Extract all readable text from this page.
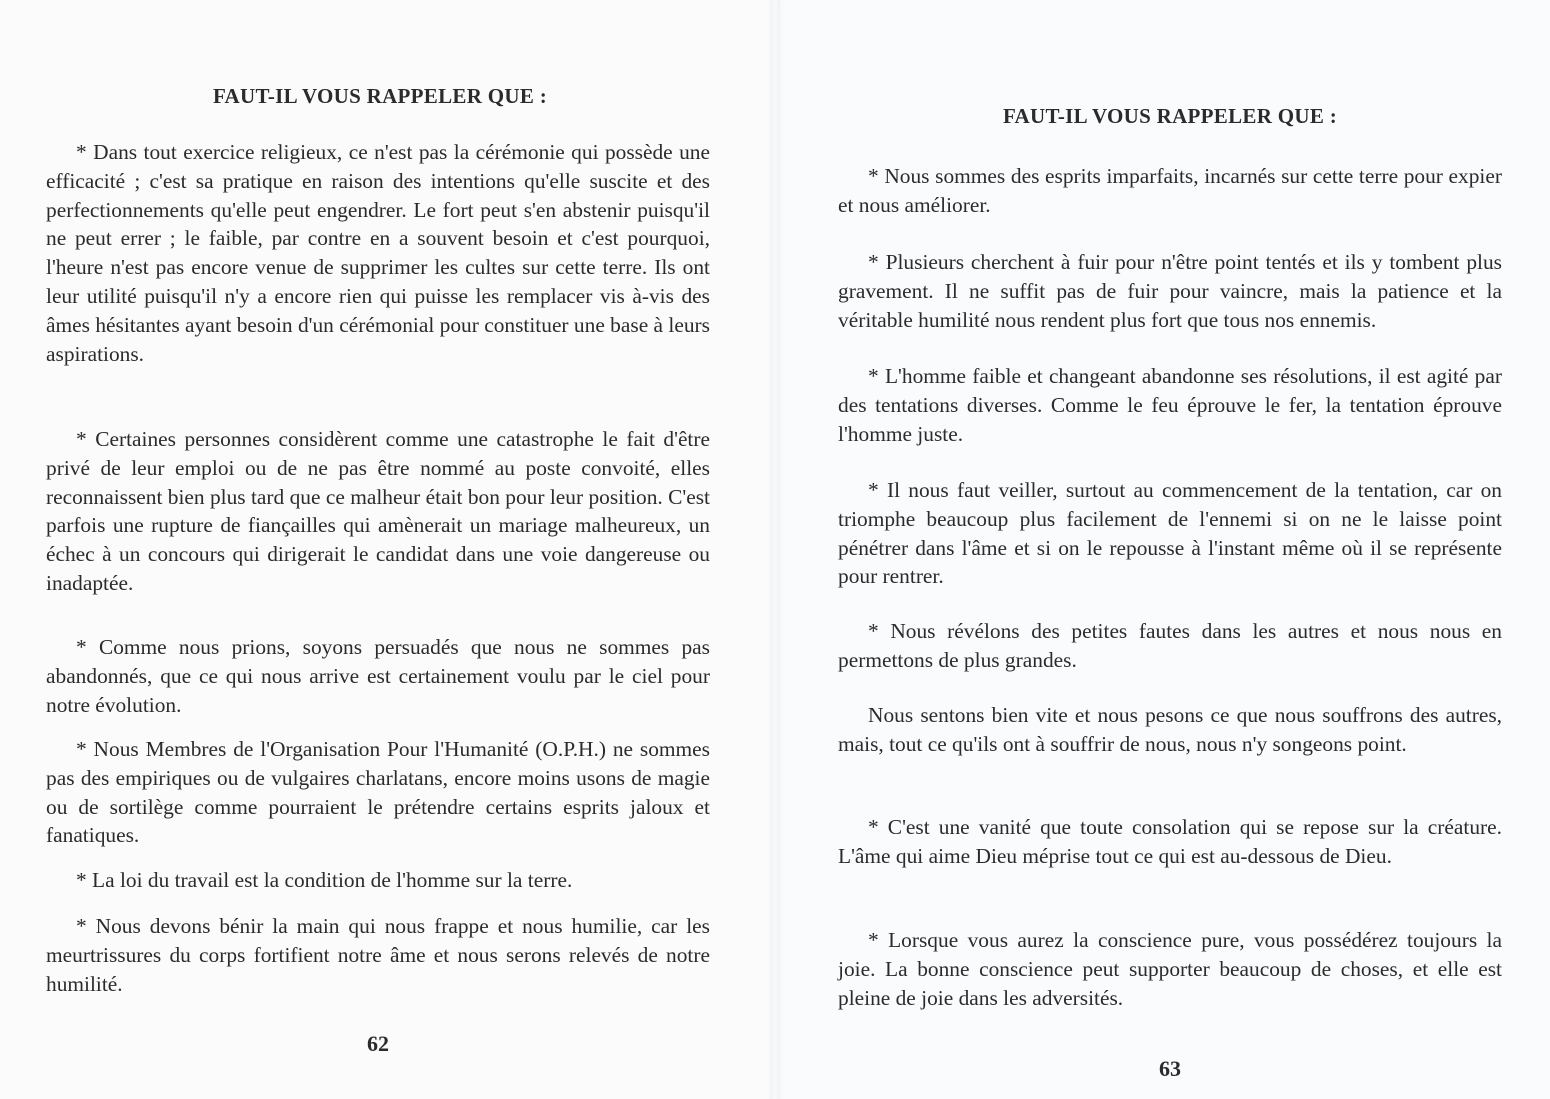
FAUT-IL VOUS RAPPELER QUE :

* Dans tout exercice religieux, ce n'est pas la cérémonie qui possède une efficacité ; c'est sa pratique en raison des intentions qu'elle suscite et des perfectionnements qu'elle peut engendrer. Le fort peut s'en abstenir puisqu'il ne peut errer ; le faible, par contre en a souvent besoin et c'est pourquoi, l'heure n'est pas encore venue de supprimer les cultes sur cette terre. Ils ont leur utilité puisqu'il n'y a encore rien qui puisse les remplacer vis à-vis des âmes hésitantes ayant besoin d'un cérémonial pour constituer une base à leurs aspirations.

* Certaines personnes considèrent comme une catastrophe le fait d'être privé de leur emploi ou de ne pas être nommé au poste convoité, elles reconnaissent bien plus tard que ce malheur était bon pour leur position. C'est parfois une rupture de fiançailles qui amènerait un mariage malheureux, un échec à un concours qui dirigerait le candidat dans une voie dangereuse ou inadaptée.

* Comme nous prions, soyons persuadés que nous ne sommes pas abandonnés, que ce qui nous arrive est certainement voulu par le ciel pour notre évolution.

* Nous Membres de l'Organisation Pour l'Humanité (O.P.H.) ne sommes pas des empiriques ou de vulgaires charlatans, encore moins usons de magie ou de sortilège comme pourraient le prétendre certains esprits jaloux et fanatiques.

* La loi du travail est la condition de l'homme sur la terre.

* Nous devons bénir la main qui nous frappe et nous humilie, car les meurtrissures du corps fortifient notre âme et nous serons relevés de notre humilité.

62
FAUT-IL VOUS RAPPELER QUE :

* Nous sommes des esprits imparfaits, incarnés sur cette terre pour expier et nous améliorer.

* Plusieurs cherchent à fuir pour n'être point tentés et ils y tombent plus gravement. Il ne suffit pas de fuir pour vaincre, mais la patience et la véritable humilité nous rendent plus fort que tous nos ennemis.

* L'homme faible et changeant abandonne ses résolutions, il est agité par des tentations diverses. Comme le feu éprouve le fer, la tentation éprouve l'homme juste.

* Il nous faut veiller, surtout au commencement de la tentation, car on triomphe beaucoup plus facilement de l'ennemi si on ne le laisse point pénétrer dans l'âme et si on le repousse à l'instant même où il se représente pour rentrer.

* Nous révélons des petites fautes dans les autres et nous nous en permettons de plus grandes.

Nous sentons bien vite et nous pesons ce que nous souffrons des autres, mais, tout ce qu'ils ont à souffrir de nous, nous n'y songeons point.

* C'est une vanité que toute consolation qui se repose sur la créature. L'âme qui aime Dieu méprise tout ce qui est au-dessous de Dieu.

* Lorsque vous aurez la conscience pure, vous possédérez toujours la joie. La bonne conscience peut supporter beaucoup de choses, et elle est pleine de joie dans les adversités.

63
